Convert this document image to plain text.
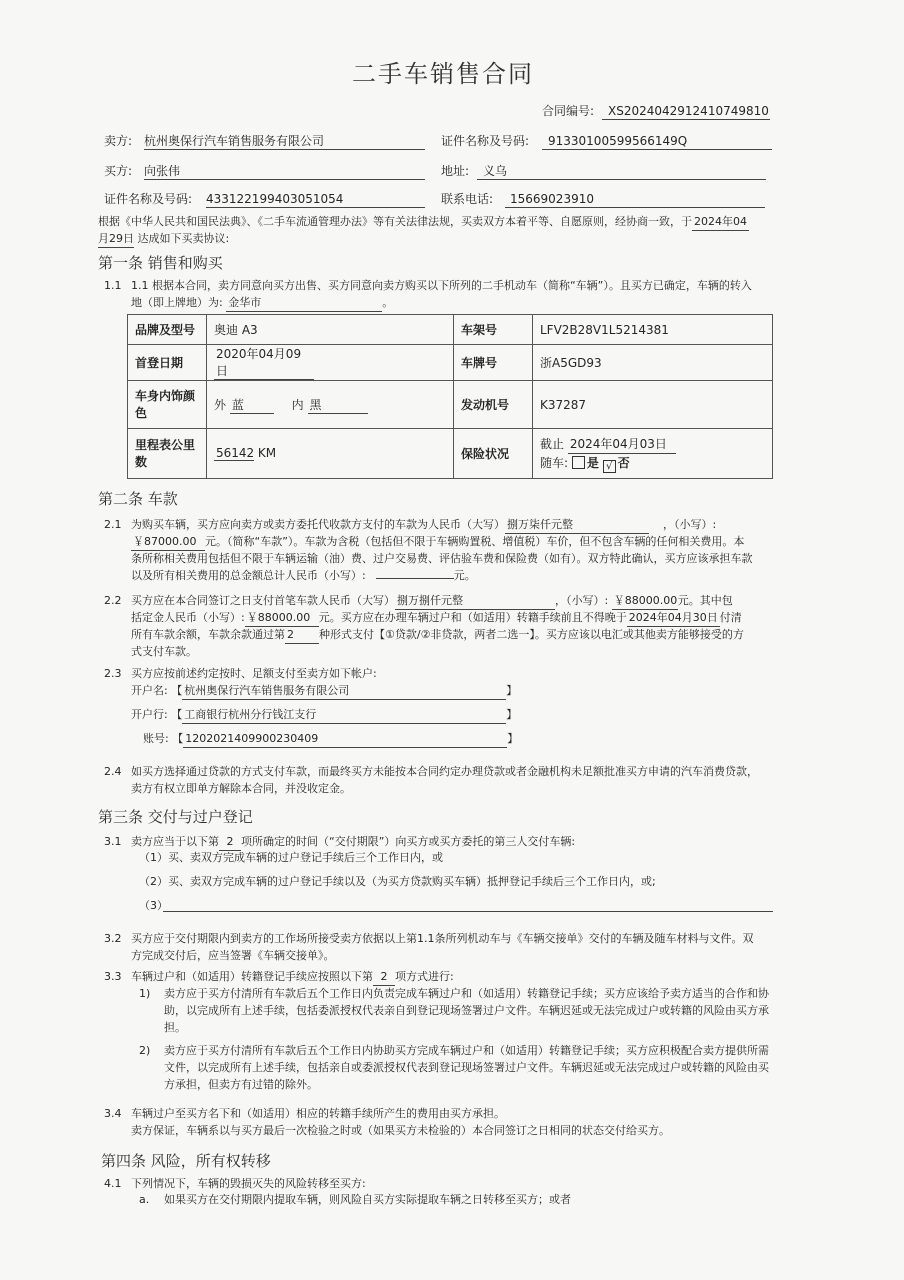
二手车销售合同
合同编号:	XS2024042912410749810
卖方: 杭州奥保行汽车销售服务有限公司	证件名称及号码:	91330100599566149Q
买方: 向张伟	地址:	义乌
证件名称及号码: 433122199403051054	联系电话:	15669023910
根据《中华人民共和国民法典》、《二手车流通管理办法》等有关法律法规，买卖双方本着平等、自愿原则，经协商一致，于 2024年04
月29日 达成如下买卖协议:
第一条 销售和购买
1.1 1.1 根据本合同，卖方同意向买方出售、买方同意向卖方购买以下所列的二手机动车（简称“车辆”）。且买方已确定，车辆的转入
地（即上牌地）为: 金华市	。
品牌及型号	奥迪 A3	车架号	LFV2B28V1L5214381
首登日期	2020年04月09日	车牌号	浙A5GD93
车身内饰颜色	外 蓝 内 黑	发动机号	K37287
里程表公里数	56142 KM	保险状况	截止 2024年04月03日
随车: 是 √ 否
第二条 车款
2.1 为购买车辆，买方应向卖方或卖方委托代收款方支付的车款为人民币（大写） 捌万柒仟元整	，（小写）:
￥87000.00 元。（简称“车款”）。车款为含税（包括但不限于车辆购置税、增值税）车价，但不包含车辆的任何相关费用。本
条所称相关费用包括但不限于车辆运输（油）费、过户交易费、评估验车费和保险费（如有）。双方特此确认，买方应该承担车款
以及所有相关费用的总金额总计人民币（小写）:	元。
2.2 买方应在本合同签订之日支付首笔车款人民币（大写） 捌万捌仟元整	，（小写）: ￥88000.00元。其中包
括定金人民币（小写）: ￥88000.00 元。买方应在办理车辆过户和（如适用）转籍手续前且不得晚于 2024年04月30日 付清
所有车款余额，车款余款通过第 2 种形式支付【①贷款/②非贷款，两者二选一】。买方应该以电汇或其他卖方能够接受的方
式支付车款。
2.3 买方应按前述约定按时、足额支付至卖方如下帐户:
开户名: 【 杭州奥保行汽车销售服务有限公司	】
开户行: 【 工商银行杭州分行钱江支行	】
账号: 【 1202021409900230409	】
2.4 如买方选择通过贷款的方式支付车款，而最终买方未能按本合同约定办理贷款或者金融机构未足额批准买方申请的汽车消费贷款，
卖方有权立即单方解除本合同，并没收定金。
第三条 交付与过户登记
3.1 卖方应当于以下第 2 项所确定的时间（“交付期限”）向买方或买方委托的第三人交付车辆:
（1）买、卖双方完成车辆的过户登记手续后三个工作日内，或
（2）买、卖双方完成车辆的过户登记手续以及（为买方贷款购买车辆）抵押登记手续后三个工作日内，或;
（3）
3.2 买方应于交付期限内到卖方的工作场所接受卖方依据以上第1.1条所列机动车与《车辆交接单》交付的车辆及随车材料与文件。双
方完成交付后，应当签署《车辆交接单》。
3.3 车辆过户和（如适用）转籍登记手续应按照以下第 2 项方式进行:
1) 卖方应于买方付清所有车款后五个工作日内负责完成车辆过户和（如适用）转籍登记手续；买方应该给予卖方适当的合作和协助，以完成所有上述手续，包括委派授权代表亲自到登记现场签署过户文件。车辆迟延或无法完成过户或转籍的风险由买方承担。
2) 卖方应于买方付清所有车款后五个工作日内协助买方完成车辆过户和（如适用）转籍登记手续；买方应积极配合卖方提供所需文件，以完成所有上述手续，包括亲自或委派授权代表到登记现场签署过户文件。车辆迟延或无法完成过户或转籍的风险由买方承担，但卖方有过错的除外。
3.4 车辆过户至买方名下和（如适用）相应的转籍手续所产生的费用由买方承担。
卖方保证，车辆系以与买方最后一次检验之时或（如果买方未检验的）本合同签订之日相同的状态交付给买方。
第四条 风险，所有权转移
4.1 下列情况下，车辆的毁损灭失的风险转移至买方:
a. 如果买方在交付期限内提取车辆，则风险自买方实际提取车辆之日转移至买方；或者
